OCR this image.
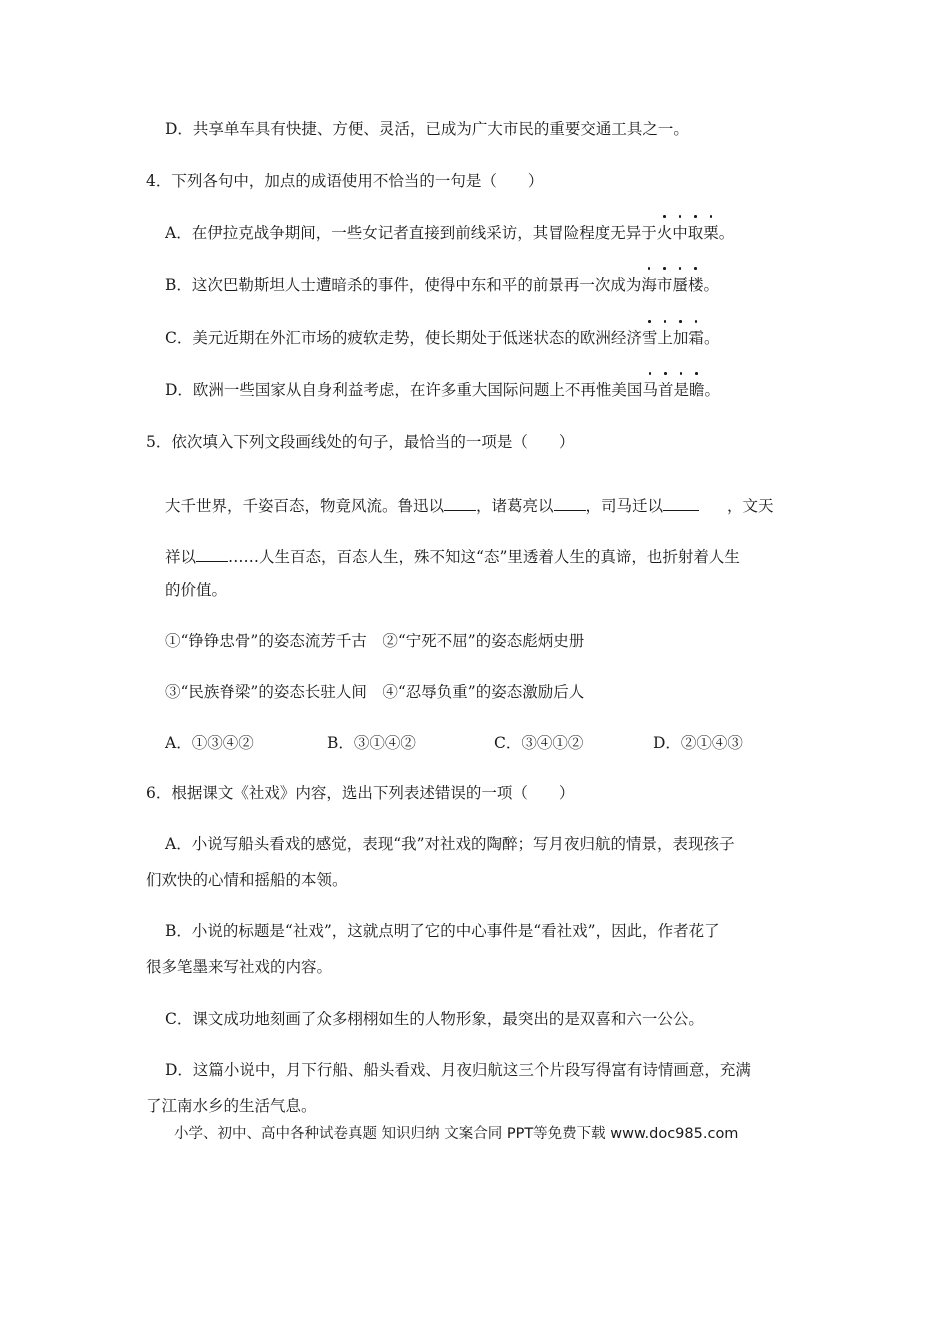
D．共享单车具有快捷、方便、灵活，已成为广大市民的重要交通工具之一。
4．下列各句中，加点的成语使用不恰当的一句是（　　）
A．在伊拉克战争期间，一些女记者直接到前线采访，其冒险程度无异于火中取栗。
B．这次巴勒斯坦人士遭暗杀的事件，使得中东和平的前景再一次成为海市蜃楼。
C．美元近期在外汇市场的疲软走势，使长期处于低迷状态的欧洲经济雪上加霜。
D．欧洲一些国家从自身利益考虑，在许多重大国际问题上不再惟美国马首是瞻。
5．依次填入下列文段画线处的句子，最恰当的一项是（　　）
大千世界，千姿百态，物竟风流。鲁迅以 ，诸葛亮以 ，司马迁以	，文天
祥以 ……人生百态，百态人生，殊不知这“态”里透着人生的真谛，也折射着人生
的价值。
①“铮铮忠骨”的姿态流芳千古　②“宁死不屈”的姿态彪炳史册
③“民族脊梁”的姿态长驻人间　④“忍辱负重”的姿态激励后人
A．①③④②	B．③①④②	C．③④①②	D．②①④③
6．根据课文《社戏》内容，选出下列表述错误的一项（　　）
A．小说写船头看戏的感觉，表现“我”对社戏的陶醉；写月夜归航的情景，表现孩子
们欢快的心情和摇船的本领。
B．小说的标题是“社戏”，这就点明了它的中心事件是“看社戏”，因此，作者花了
很多笔墨来写社戏的内容。
C．课文成功地刻画了众多栩栩如生的人物形象，最突出的是双喜和六一公公。
D．这篇小说中，月下行船、船头看戏、月夜归航这三个片段写得富有诗情画意，充满
了江南水乡的生活气息。
小学、初中、高中各种试卷真题 知识归纳 文案合同 PPT等免费下载 www.doc985.com
